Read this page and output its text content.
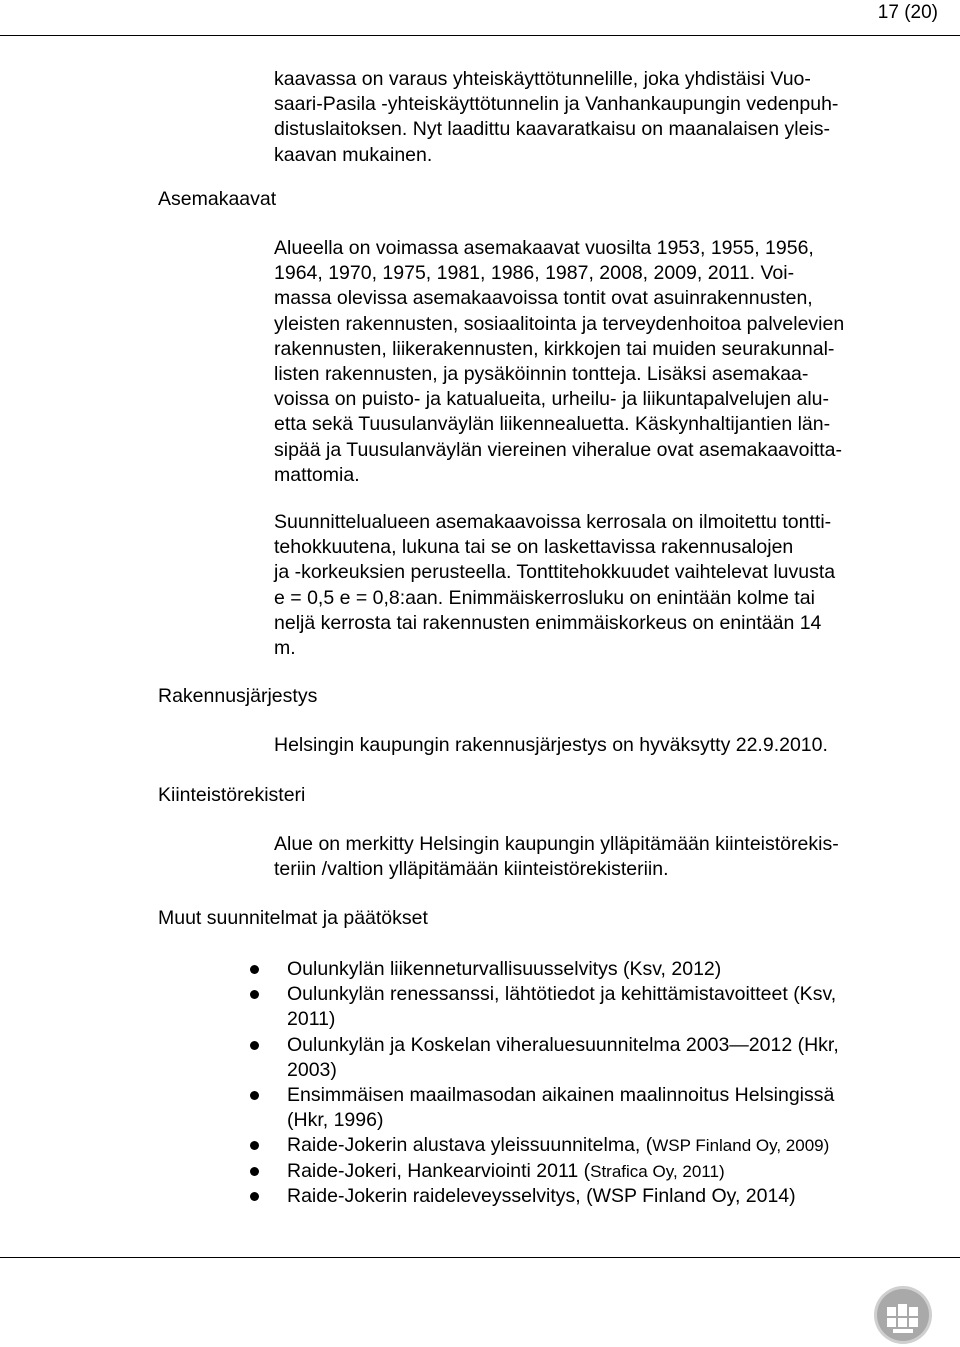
17 (20)

kaavassa on varaus yhteiskäyttötunnelille, joka yhdistäisi Vuo-
saari-Pasila -yhteiskäyttötunnelin ja Vanhankaupungin vedenpuh-
distuslaitoksen. Nyt laadittu kaavaratkaisu on maanalaisen yleis-
kaavan mukainen.

Asemakaavat

Alueella on voimassa asemakaavat vuosilta 1953, 1955, 1956,
1964, 1970, 1975, 1981, 1986, 1987, 2008, 2009, 2011. Voi-
massa olevissa asemakaavoissa tontit ovat asuinrakennusten,
yleisten rakennusten, sosiaalitointa ja terveydenhoitoa palvelevien
rakennusten, liikerakennusten, kirkkojen tai muiden seurakunnal-
listen rakennusten, ja pysäköinnin tontteja. Lisäksi asemakaa-
voissa on puisto- ja katualueita, urheilu- ja liikuntapalvelujen alu-
etta sekä Tuusulanväylän liikennealuetta. Käskynhaltijantien län-
sipää ja Tuusulanväylän viereinen viheralue ovat asemakaavoitta-
mattomia.

Suunnittelualueen asemakaavoissa kerrosala on ilmoitettu tontti-
tehokkuutena, lukuna tai se on laskettavissa rakennusalojen
ja -korkeuksien perusteella. Tonttitehokkuudet vaihtelevat luvusta
e = 0,5 e = 0,8:aan. Enimmäiskerrosluku on enintään kolme tai
neljä kerrosta tai rakennusten enimmäiskorkeus on enintään 14
m.

Rakennusjärjestys

Helsingin kaupungin rakennusjärjestys on hyväksytty 22.9.2010.

Kiinteistörekisteri

Alue on merkitty Helsingin kaupungin ylläpitämään kiinteistörekis-
teriin /valtion ylläpitämään kiinteistörekisteriin.

Muut suunnitelmat ja päätökset
Oulunkylän liikenneturvallisuusselvitys (Ksv, 2012)
Oulunkylän renessanssi, lähtötiedot ja kehittämistavoitteet (Ksv,
2011)
Oulunkylän ja Koskelan viheraluesuunnitelma 2003—2012 (Hkr,
2003)
Ensimmäisen maailmasodan aikainen maalinnoitus Helsingissä
(Hkr, 1996)
Raide-Jokerin alustava yleissuunnitelma, (WSP Finland Oy, 2009)
Raide-Jokeri, Hankearviointi 2011 (Strafica Oy, 2011)
Raide-Jokerin raideleveysselvitys, (WSP Finland Oy, 2014)
